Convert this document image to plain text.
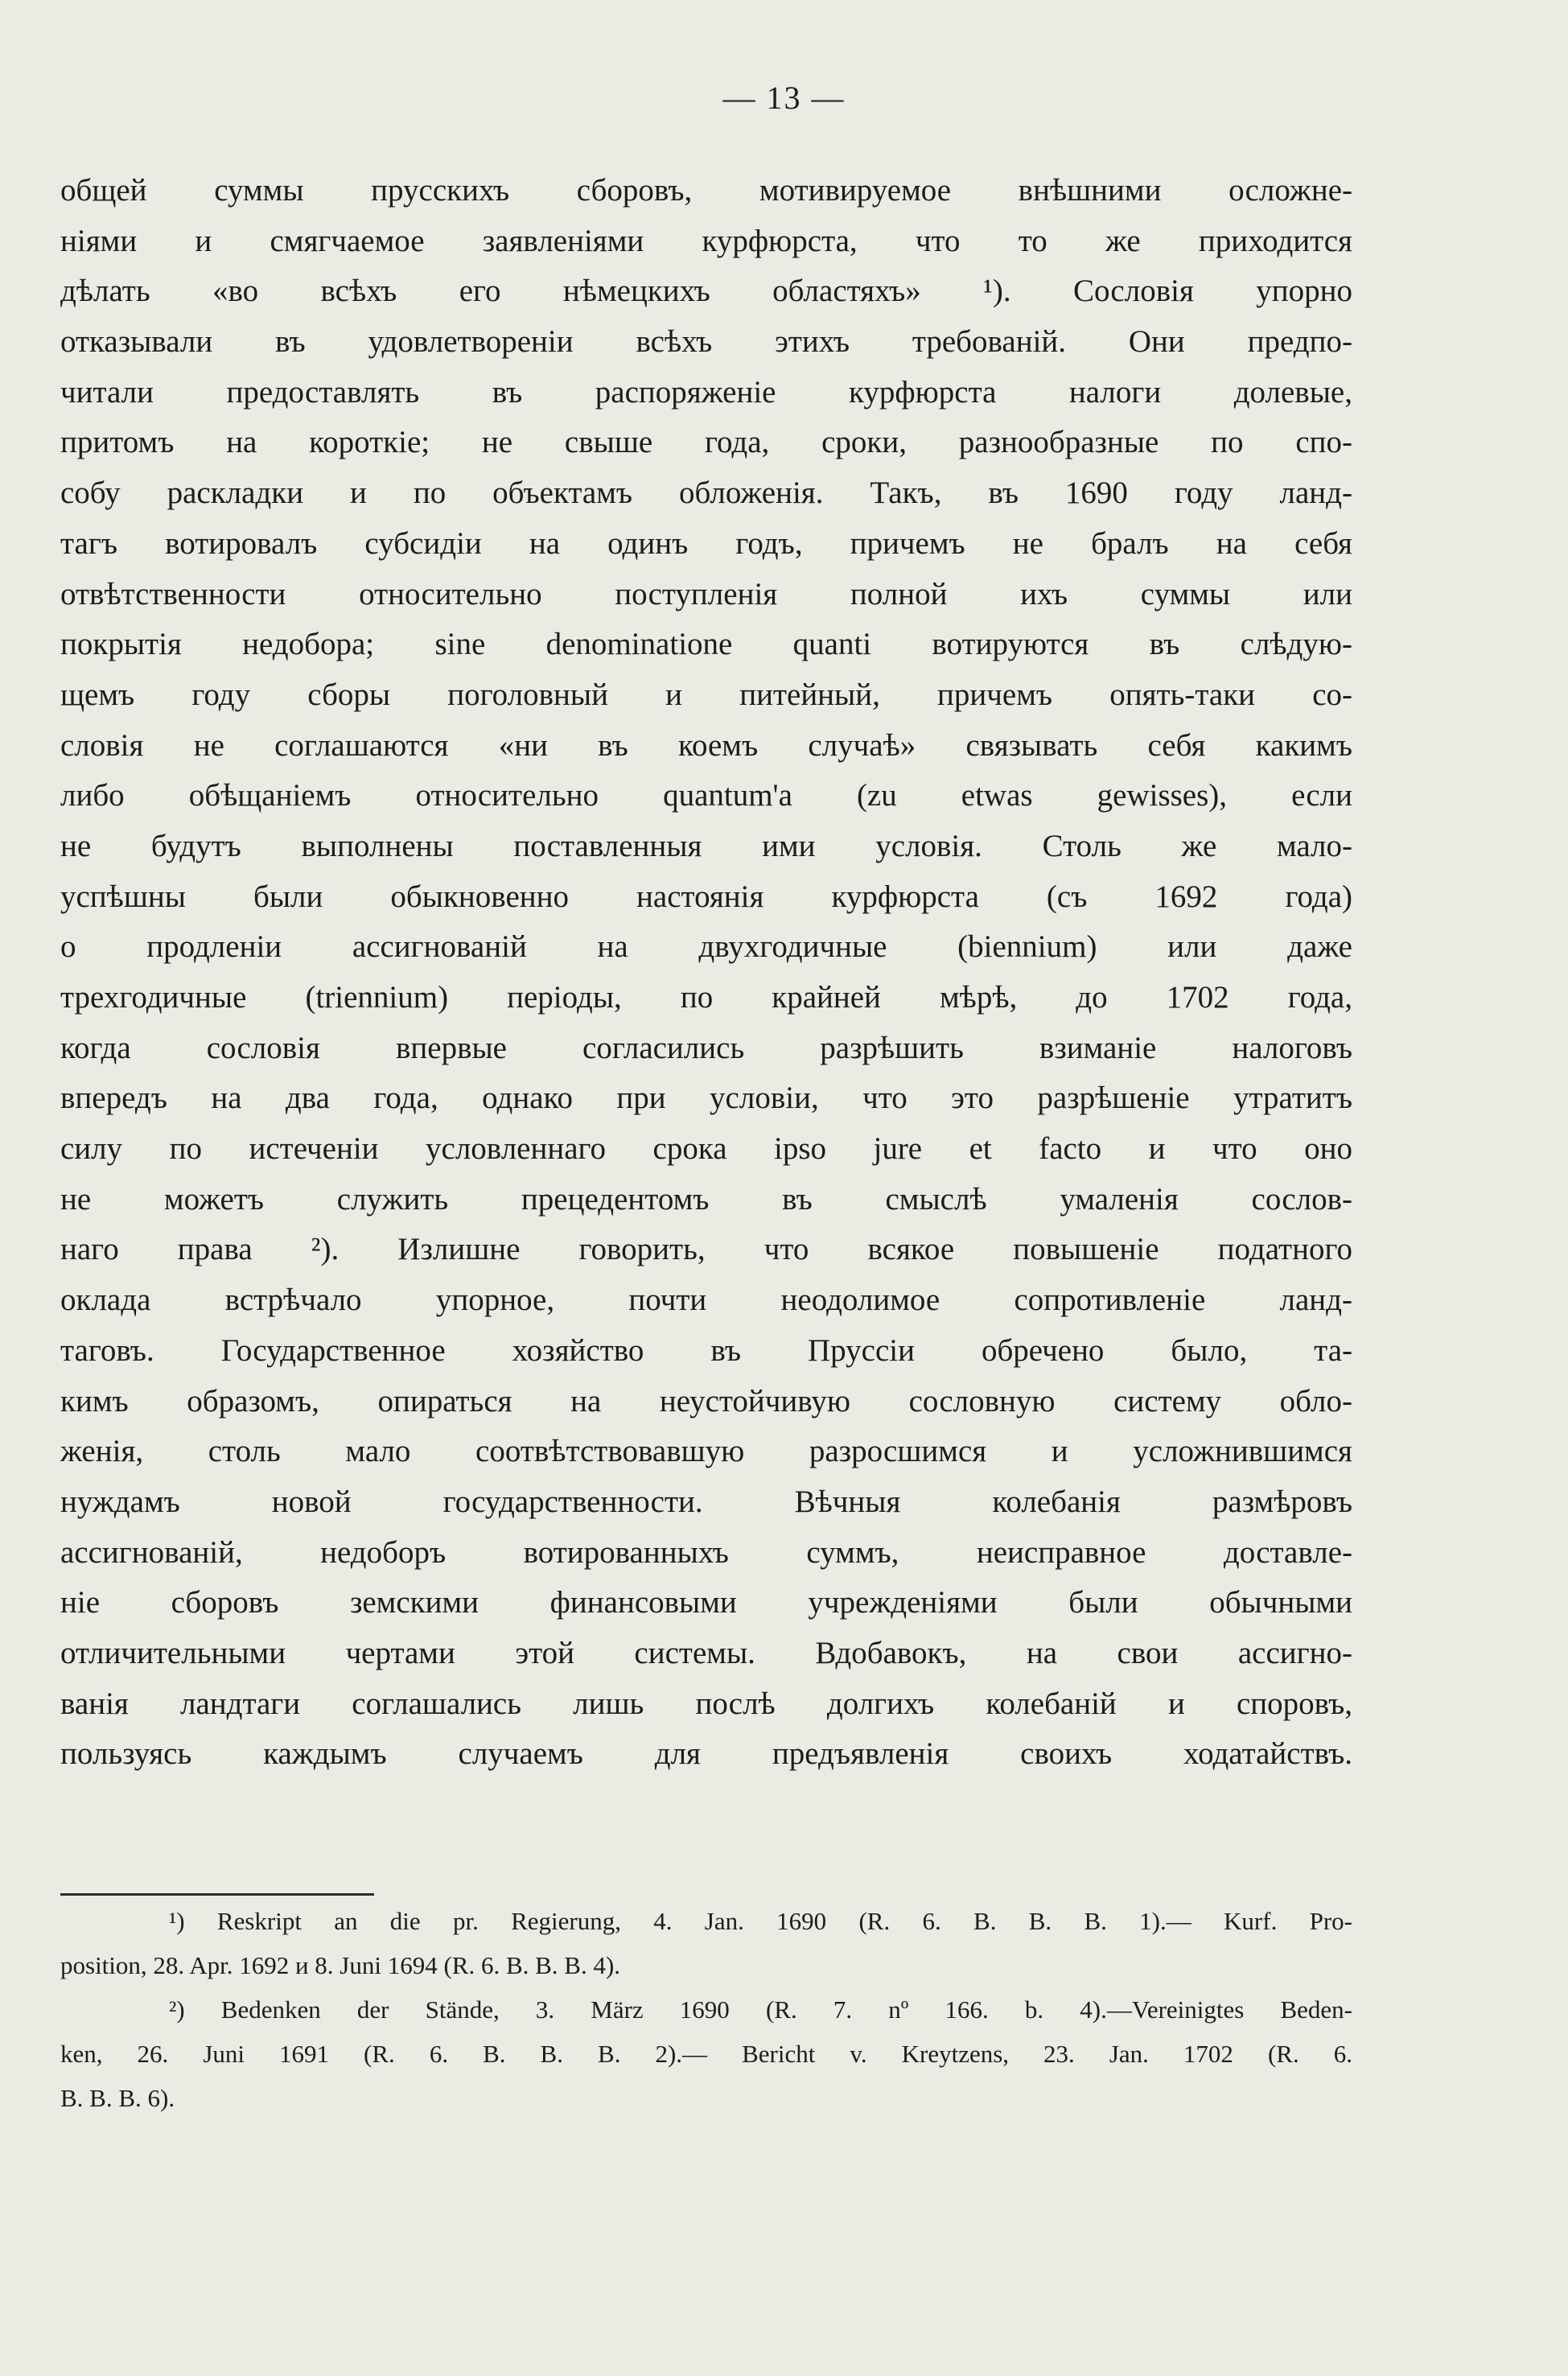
— 13 —
общей суммы прусскихъ сборовъ, мотивируемое внѣшними осложне-
ніями и смягчаемое заявленіями курфюрста, что то же приходится
дѣлать «во всѣхъ его нѣмецкихъ областяхъ» ¹). Сословія упорно
отказывали въ удовлетвореніи всѣхъ этихъ требованій. Они предпо-
читали предоставлять въ распоряженіе курфюрста налоги долевые,
притомъ на короткіе; не свыше года, сроки, разнообразные по спо-
собу раскладки и по объектамъ обложенія. Такъ, въ 1690 году ланд-
тагъ вотировалъ субсидіи на одинъ годъ, причемъ не бралъ на себя
отвѣтственности относительно поступленія полной ихъ суммы или
покрытія недобора; sine denominatione quanti вотируются въ слѣдую-
щемъ году сборы поголовный и питейный, причемъ опять-таки со-
словія не соглашаются «ни въ коемъ случаѣ» связывать себя какимъ
либо обѣщаніемъ относительно quantum'a (zu etwas gewisses), если
не будутъ выполнены поставленныя ими условія. Столь же мало-
успѣшны были обыкновенно настоянія курфюрста (съ 1692 года)
о продленіи ассигнованій на двухгодичные (biennium) или даже
трехгодичные (triennium) періоды, по крайней мѣрѣ, до 1702 года,
когда сословія впервые согласились разрѣшить взиманіе налоговъ
впередъ на два года, однако при условіи, что это разрѣшеніе утратитъ
силу по истеченіи условленнаго срока ipso jure et facto и что оно
не можетъ служить прецедентомъ въ смыслѣ умаленія сослов-
наго права ²). Излишне говорить, что всякое повышеніе податного
оклада встрѣчало упорное, почти неодолимое сопротивленіе ланд-
таговъ. Государственное хозяйство въ Пруссіи обречено было, та-
кимъ образомъ, опираться на неустойчивую сословную систему обло-
женія, столь мало соотвѣтствовавшую разросшимся и усложнившимся
нуждамъ новой государственности. Вѣчныя колебанія размѣровъ
ассигнованій, недоборъ вотированныхъ суммъ, неисправное доставле-
ніе сборовъ земскими финансовыми учрежденіями были обычными
отличительными чертами этой системы. Вдобавокъ, на свои ассигно-
ванія ландтаги соглашались лишь послѣ долгихъ колебаній и споровъ,
пользуясь каждымъ случаемъ для предъявленія своихъ ходатайствъ.
¹) Reskript an die pr. Regierung, 4. Jan. 1690 (R. 6. B. B. B. 1).— Kurf. Pro-
position, 28. Apr. 1692 и 8. Juni 1694 (R. 6. B. B. B. 4).
²) Bedenken der Stände, 3. März 1690 (R. 7. nº 166. b. 4).—Vereinigtes Beden-
ken, 26. Juni 1691 (R. 6. B. B. B. 2).— Bericht v. Kreytzens, 23. Jan. 1702 (R. 6.
B. B. B. 6).
